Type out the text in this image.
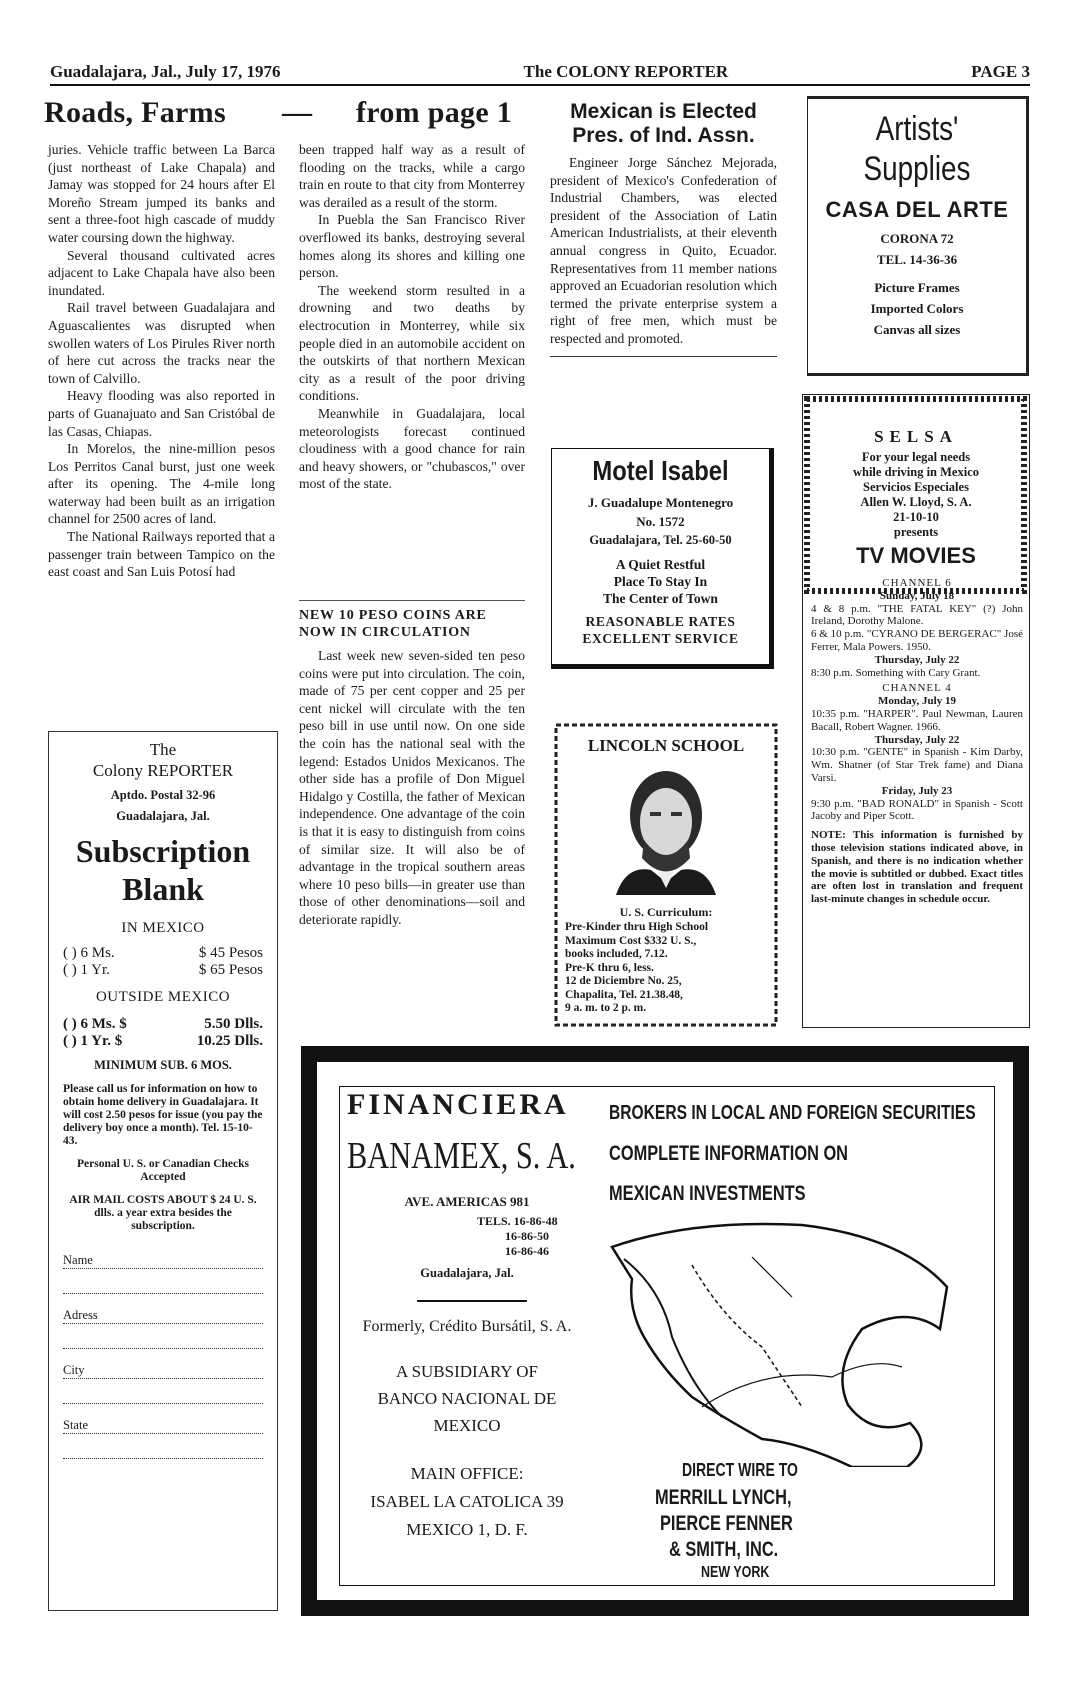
Guadalajara, Jal., July 17, 1976	The COLONY REPORTER	PAGE 3
Roads, Farms	—	from page 1

juries. Vehicle traffic between La Barca (just northeast of Lake Chapala) and Jamay was stopped for 24 hours after El Moreño Stream jumped its banks and sent a three-foot high cascade of muddy water coursing down the highway.

Several thousand cultivated acres adjacent to Lake Chapala have also been inundated.

Rail travel between Guadalajara and Aguascalientes was disrupted when swollen waters of Los Pirules River north of here cut across the tracks near the town of Calvillo.

Heavy flooding was also reported in parts of Guanajuato and San Cristóbal de las Casas, Chiapas.

In Morelos, the nine-million pesos Los Perritos Canal burst, just one week after its opening. The 4-mile long waterway had been built as an irrigation channel for 2500 acres of land.

The National Railways reported that a passenger train between Tampico on the east coast and San Luis Potosí had

been trapped half way as a result of flooding on the tracks, while a cargo train en route to that city from Monterrey was derailed as a result of the storm.

In Puebla the San Francisco River overflowed its banks, destroying several homes along its shores and killing one person.

The weekend storm resulted in a drowning and two deaths by electrocution in Monterrey, while six people died in an automobile accident on the outskirts of that northern Mexican city as a result of the poor driving conditions.

Meanwhile in Guadalajara, local meteorologists forecast continued cloudiness with a good chance for rain and heavy showers, or "chubascos," over most of the state.

NEW 10 PESO COINS ARE NOW IN CIRCULATION

Last week new seven-sided ten peso coins were put into circulation. The coin, made of 75 per cent copper and 25 per cent nickel will circulate with the ten peso bill in use until now. On one side the coin has the national seal with the legend: Estados Unidos Mexicanos. The other side has a profile of Don Miguel Hidalgo y Costilla, the father of Mexican independence. One advantage of the coin is that it is easy to distinguish from coins of similar size. It will also be of advantage in the tropical southern areas where 10 peso bills—in greater use than those of other denominations—soil and deteriorate rapidly.

Mexican is Elected Pres. of Ind. Assn.

Engineer Jorge Sánchez Mejorada, president of Mexico's Confederation of Industrial Chambers, was elected president of the Association of Latin American Industrialists, at their eleventh annual congress in Quito, Ecuador. Representatives from 11 member nations approved an Ecuadorian resolution which termed the private enterprise system a right of free men, which must be respected and promoted.

Artists'
Supplies
CASA DEL ARTE
CORONA 72
TEL. 14-36-36
Picture Frames
Imported Colors
Canvas all sizes
SELSA
For your legal needs
while driving in Mexico
Servicios Especiales
Allen W. Lloyd, S. A.
21-10-10
presents
TV MOVIES
CHANNEL 6
Sunday, July 18
4 & 8 p.m. "THE FATAL KEY" (?) John Ireland, Dorothy Malone.
6 & 10 p.m. "CYRANO DE BERGERAC" José Ferrer, Mala Powers. 1950.
Thursday, July 22
8:30 p.m. Something with Cary Grant.
CHANNEL 4
Monday, July 19
10:35 p.m. "HARPER". Paul Newman, Lauren Bacall, Robert Wagner. 1966.
Thursday, July 22
10:30 p.m. "GENTE" in Spanish - Kim Darby, Wm. Shatner (of Star Trek fame) and Diana Varsi.
Friday, July 23
9:30 p.m. "BAD RONALD" in Spanish - Scott Jacoby and Piper Scott.
NOTE: This information is furnished by those television stations indicated above, in Spanish, and there is no indication whether the movie is subtitled or dubbed. Exact titles are often lost in translation and frequent last-minute changes in schedule occur.
Motel Isabel
J. Guadalupe Montenegro
No. 1572
Guadalajara, Tel. 25-60-50
A Quiet Restful
Place To Stay In
The Center of Town
REASONABLE RATES
EXCELLENT SERVICE
LINCOLN SCHOOL
U. S. Curriculum:
Pre-Kinder thru High School
Maximum Cost $332 U. S.,
books included, 7.12.
Pre-K thru 6, less.
12 de Diciembre No. 25,
Chapalita, Tel. 21.38.48,
9 a. m. to 2 p. m.
The
Colony REPORTER
Aptdo. Postal 32-96
Guadalajara, Jal.
Subscription
Blank
IN MEXICO
( ) 6 Ms.	$ 45 Pesos
( ) 1 Yr.	$ 65 Pesos
OUTSIDE MEXICO
( ) 6 Ms. $	5.50 Dlls.
( ) 1 Yr. $	10.25 Dlls.
MINIMUM SUB. 6 MOS.
Please call us for information on how to obtain home delivery in Guadalajara. It will cost 2.50 pesos for issue (you pay the delivery boy once a month). Tel. 15-10-43.
Personal U. S. or Canadian Checks Accepted
AIR MAIL COSTS ABOUT $ 24 U. S. dlls. a year extra besides the subscription.
Name
Adress
City
State
FINANCIERA BROKERS IN LOCAL AND FOREIGN SECURITIES
BANAMEX, S. A. COMPLETE INFORMATION ON
MEXICAN INVESTMENTS
AVE. AMERICAS 981
TELS. 16-86-48
16-86-50
16-86-46
Guadalajara, Jal.
Formerly, Crédito Bursátil, S. A.
A SUBSIDIARY OF
BANCO NACIONAL DE
MEXICO
MAIN OFFICE:
ISABEL LA CATOLICA 39
MEXICO 1, D. F.
DIRECT WIRE TO
MERRILL LYNCH,
PIERCE FENNER
& SMITH, INC.
NEW YORK
